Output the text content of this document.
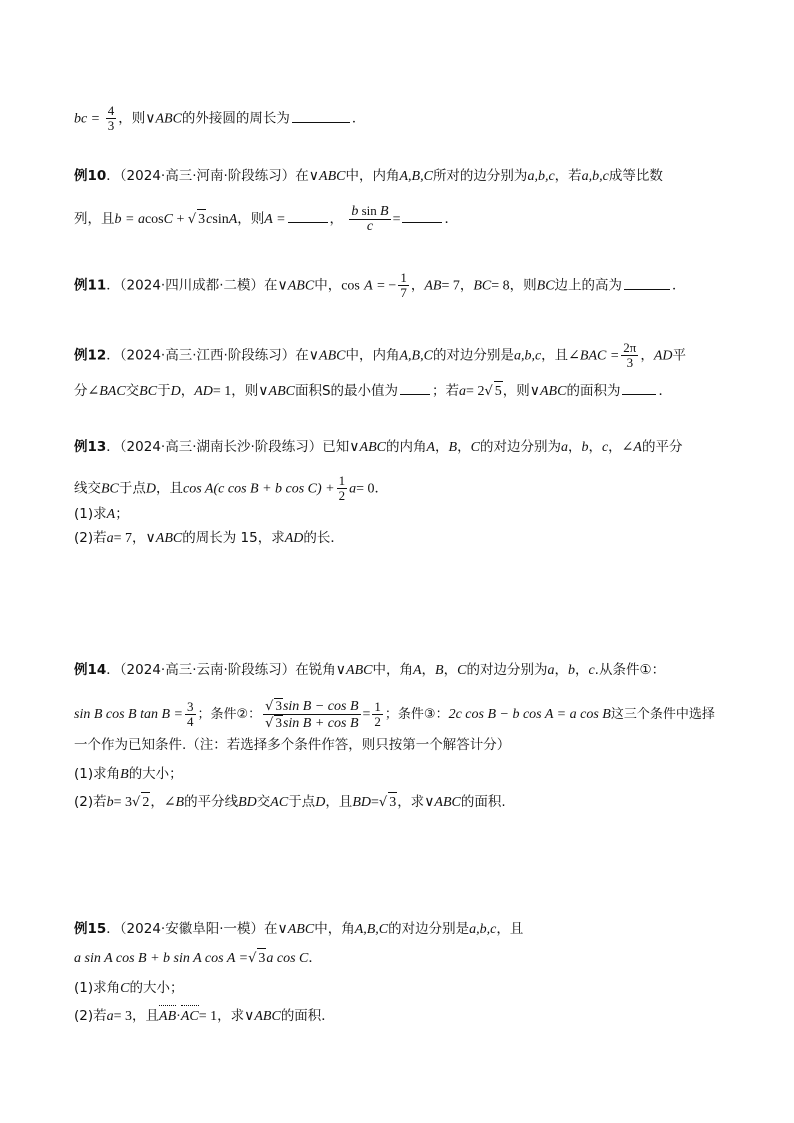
bc = $\frac{4}{3}$ ，则∨ABC的外接圆的周长为	．
例10．（2024·高三·河南·阶段练习）在∨ABC中，内角A,B,C所对的边分别为a,b,c，若a,b,c成等比数
列，且b = acosC + √ 3csinA，则A =	， $\frac{\text{b sin B}}{c}$ =	．
例11．（2024·四川成都·二模）在∨ABC中，cos A = − $\frac{1}{7}$ ，AB= 7，BC= 8，则BC边上的高为	．
例12．（2024·高三·江西·阶段练习）在∨ABC中，内角A,B,C的对边分别是a,b,c，且∠BAC = $\frac{2\pi}{3}$ ，AD平
分∠BAC交BC于D，AD= 1，则∨ABC面积S的最小值为	；若a= 2√ 5，则∨ABC的面积为	．
例13．（2024·高三·湖南长沙·阶段练习）已知∨ABC的内角A，B，C的对边分别为a，b，c，∠A的平分
线交BC于点D，且cos A(c cos B + b $\cos C) + \frac{1}{2} a= 0$．
(1)求A；
(2)若a= 7，∨ABC的周长为 15，求AD的长．
例14．（2024·高三·云南·阶段练习）在锐角∨ABC中，角A，B，C的对边分别为a，b，c.从条件①：
sin B cos B $\tan B = \frac{3}{4}$ ；条件②： $\frac{\text{√ 3sin B − cos B}}{\text{√ 3sin B + cos B}} = \frac{1}{2}$ ；条件③：2c cos B − b cos A = a cos B这三个条件中选择
一个作为已知条件.（注：若选择多个条件作答，则只按第一个解答计分）
(1)求角B的大小；
(2)若b= 3√ 2，∠B的平分线BD交AC于点D，且BD=√ 3，求∨ABC的面积.
例15．（2024·安徽阜阳·一模）在∨ABC中，角A,B,C的对边分别是a,b,c，且
a sin A cos B + b sin A cos A =√ 3a cos C．
(1)求角C的大小；
(2)若a= 3，且AB·AC= 1，求∨ABC的面积．
